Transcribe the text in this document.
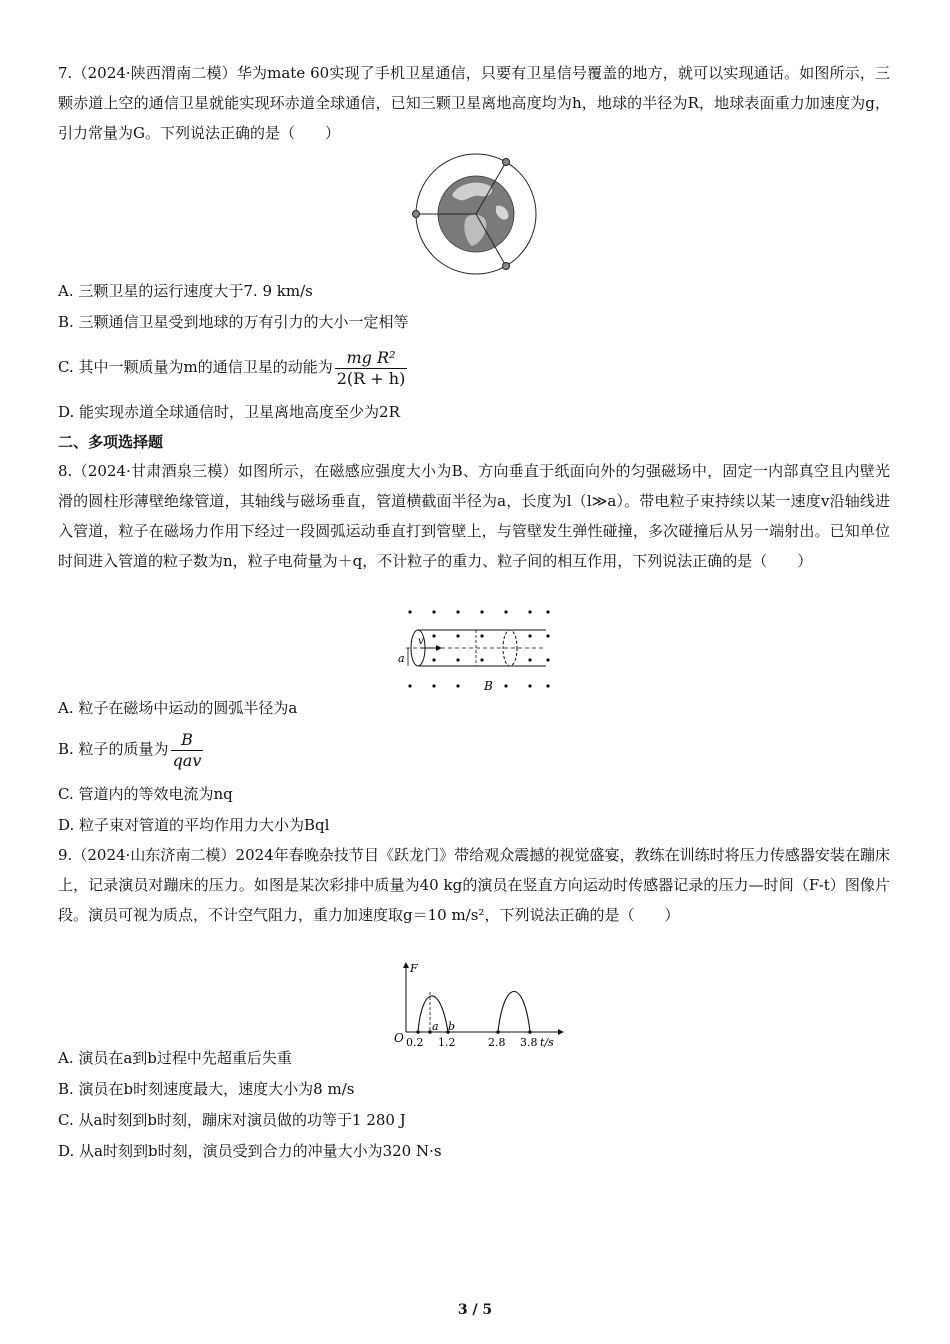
7.（2024·陕西渭南二模）华为mate 60实现了手机卫星通信，只要有卫星信号覆盖的地方，就可以实现通话。如图所示，三颗赤道上空的通信卫星就能实现环赤道全球通信，已知三颗卫星离地高度均为h，地球的半径为R，地球表面重力加速度为g，引力常量为G。下列说法正确的是（　　）
A. 三颗卫星的运行速度大于7. 9 km/s
B. 三颗通信卫星受到地球的万有引力的大小一定相等
C. 其中一颗质量为m的通信卫星的动能为 $\frac{\text{mg R²}}{2(R + h)}$
D. 能实现赤道全球通信时，卫星离地高度至少为2R
二、多项选择题
8.（2024·甘肃酒泉三模）如图所示，在磁感应强度大小为B、方向垂直于纸面向外的匀强磁场中，固定一内部真空且内壁光滑的圆柱形薄壁绝缘管道，其轴线与磁场垂直，管道横截面半径为a，长度为l（l≫a）。带电粒子束持续以某一速度v沿轴线进入管道，粒子在磁场力作用下经过一段圆弧运动垂直打到管壁上，与管壁发生弹性碰撞，多次碰撞后从另一端射出。已知单位时间进入管道的粒子数为n，粒子电荷量为＋q，不计粒子的重力、粒子间的相互作用，下列说法正确的是（　　）
v
a
B
A. 粒子在磁场中运动的圆弧半径为a
B. 粒子的质量为 $\frac{B}{\text{qav}}$
C. 管道内的等效电流为nq
D. 粒子束对管道的平均作用力大小为Bql
9.（2024·山东济南二模）2024年春晚杂技节目《跃龙门》带给观众震撼的视觉盛宴，教练在训练时将压力传感器安装在蹦床上，记录演员对蹦床的压力。如图是某次彩排中质量为40 kg的演员在竖直方向运动时传感器记录的压力—时间（F-t）图像片段。演员可视为质点，不计空气阻力，重力加速度取g＝10 m/s²，下列说法正确的是（　　）
F
O
a b
0.2 1.2	2.8 3.8 t/s
A. 演员在a到b过程中先超重后失重
B. 演员在b时刻速度最大，速度大小为8 m/s
C. 从a时刻到b时刻，蹦床对演员做的功等于1 280 J
D. 从a时刻到b时刻，演员受到合力的冲量大小为320 N·s
3 / 5
